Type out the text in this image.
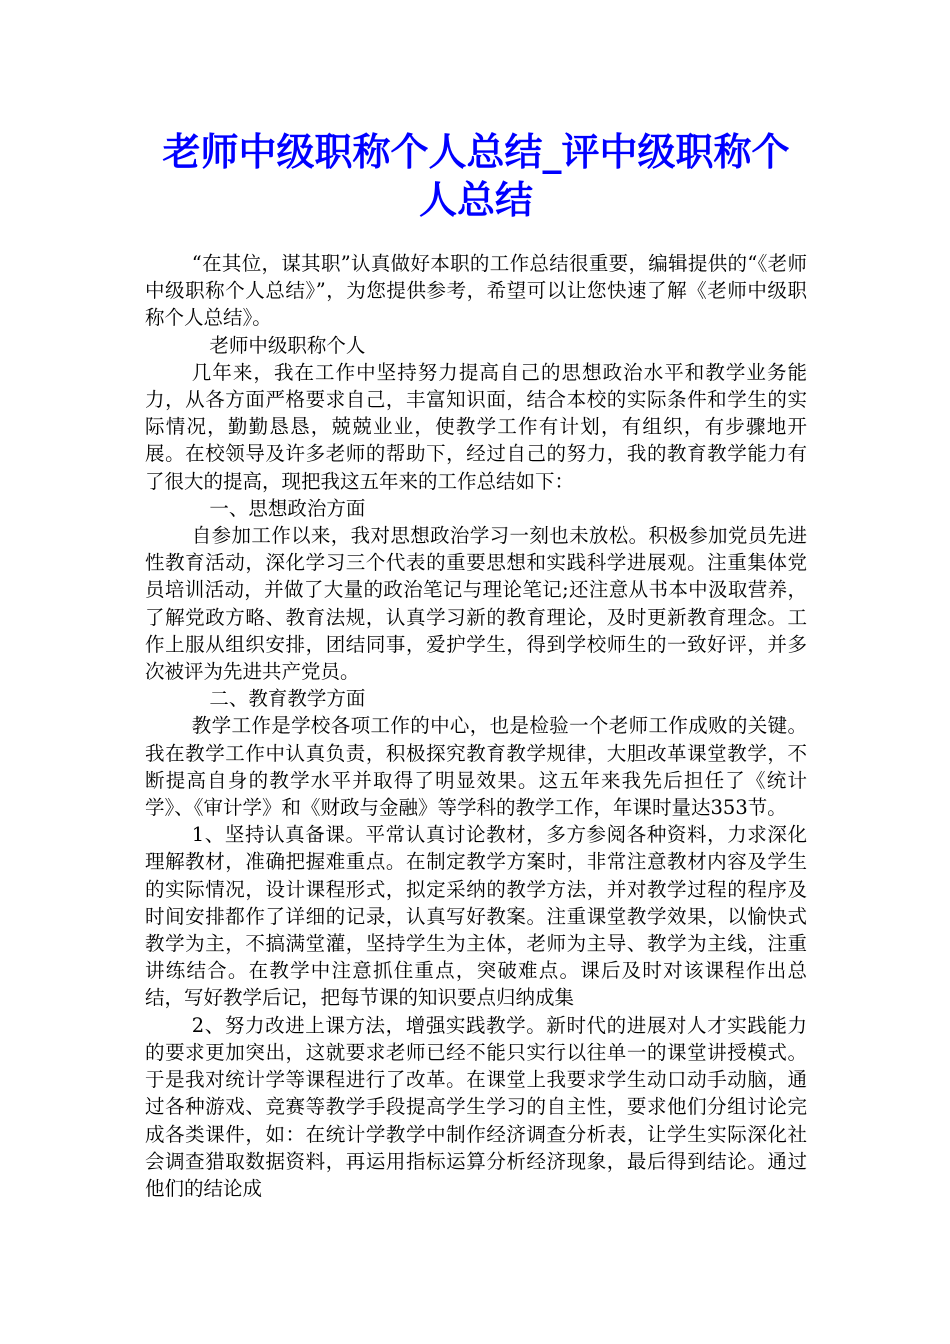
老师中级职称个人总结_评中级职称个人总结

“在其位，谋其职”认真做好本职的工作总结很重要，编辑提供的“《老师中级职称个人总结》”，为您提供参考，希望可以让您快速了解《老师中级职称个人总结》。

老师中级职称个人

几年来，我在工作中坚持努力提高自己的思想政治水平和教学业务能力，从各方面严格要求自己，丰富知识面，结合本校的实际条件和学生的实际情况，勤勤恳恳，兢兢业业，使教学工作有计划，有组织，有步骤地开展。在校领导及许多老师的帮助下，经过自己的努力，我的教育教学能力有了很大的提高，现把我这五年来的工作总结如下：

一、思想政治方面

自参加工作以来，我对思想政治学习一刻也未放松。积极参加党员先进性教育活动，深化学习三个代表的重要思想和实践科学进展观。注重集体党员培训活动，并做了大量的政治笔记与理论笔记;还注意从书本中汲取营养，了解党政方略、教育法规，认真学习新的教育理论，及时更新教育理念。工作上服从组织安排，团结同事，爱护学生，得到学校师生的一致好评，并多次被评为先进共产党员。

二、教育教学方面

教学工作是学校各项工作的中心，也是检验一个老师工作成败的关键。我在教学工作中认真负责，积极探究教育教学规律，大胆改革课堂教学，不断提高自身的教学水平并取得了明显效果。这五年来我先后担任了《统计学》、《审计学》和《财政与金融》等学科的教学工作，年课时量达353节。

1、坚持认真备课。平常认真讨论教材，多方参阅各种资料，力求深化理解教材，准确把握难重点。在制定教学方案时，非常注意教材内容及学生的实际情况，设计课程形式，拟定采纳的教学方法，并对教学过程的程序及时间安排都作了详细的记录，认真写好教案。注重课堂教学效果，以愉快式教学为主，不搞满堂灌，坚持学生为主体，老师为主导、教学为主线，注重讲练结合。在教学中注意抓住重点，突破难点。课后及时对该课程作出总结，写好教学后记，把每节课的知识要点归纳成集

2、努力改进上课方法，增强实践教学。新时代的进展对人才实践能力的要求更加突出，这就要求老师已经不能只实行以往单一的课堂讲授模式。于是我对统计学等课程进行了改革。在课堂上我要求学生动口动手动脑，通过各种游戏、竞赛等教学手段提高学生学习的自主性，要求他们分组讨论完成各类课件，如：在统计学教学中制作经济调查分析表，让学生实际深化社会调查猎取数据资料，再运用指标运算分析经济现象，最后得到结论。通过他们的结论成
